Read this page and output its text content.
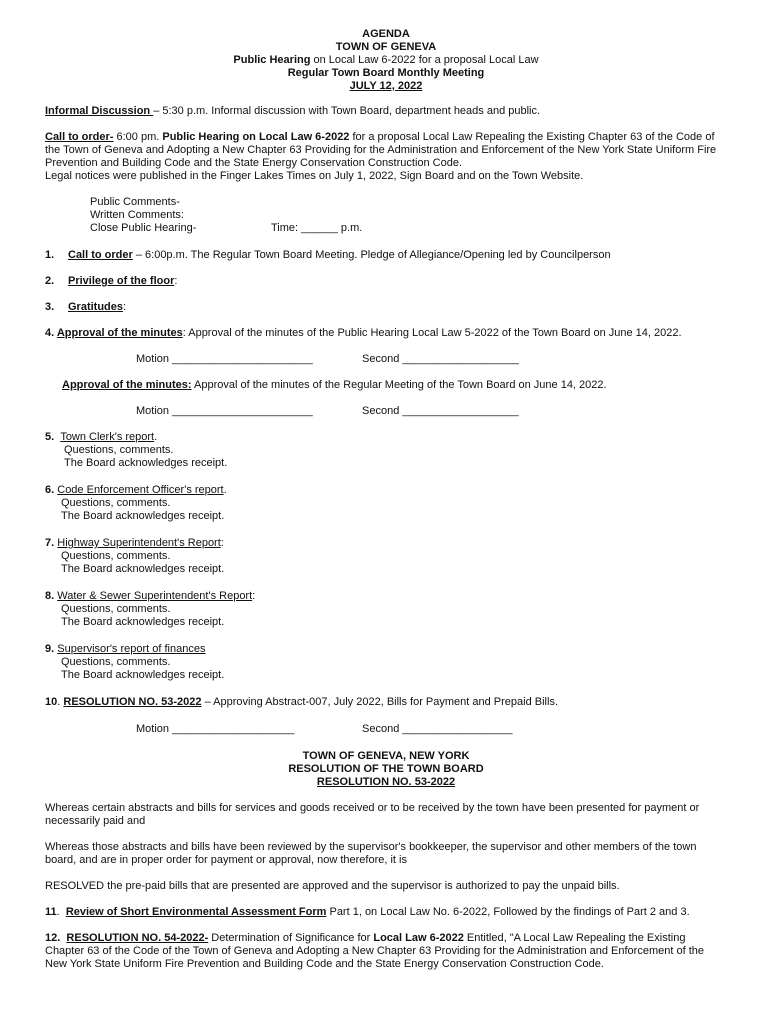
AGENDA

TOWN OF GENEVA

Public Hearing on Local Law 6-2022 for a proposal Local Law

Regular Town Board Monthly Meeting

JULY 12, 2022

Informal Discussion – 5:30 p.m. Informal discussion with Town Board, department heads and public.

Call to order- 6:00 pm. Public Hearing on Local Law 6-2022 for a proposal Local Law Repealing the Existing Chapter 63 of the Code of the Town of Geneva and Adopting a New Chapter 63 Providing for the Administration and Enforcement of the New York State Uniform Fire Prevention and Building Code and the State Energy Conservation Construction Code.

Legal notices were published in the Finger Lakes Times on July 1, 2022, Sign Board and on the Town Website.

Public Comments-

Written Comments:

Close Public Hearing-	Time: ______ p.m.

1. Call to order – 6:00p.m. The Regular Town Board Meeting. Pledge of Allegiance/Opening led by Councilperson

2. Privilege of the floor:

3. Gratitudes:

4. Approval of the minutes: Approval of the minutes of the Public Hearing Local Law 5-2022 of the Town Board on June 14, 2022.

Motion _______________________	Second ___________________

Approval of the minutes: Approval of the minutes of the Regular Meeting of the Town Board on June 14, 2022.

Motion _______________________	Second ___________________

5. Town Clerk's report.

Questions, comments.

The Board acknowledges receipt.

6. Code Enforcement Officer's report.

Questions, comments.

The Board acknowledges receipt.

7. Highway Superintendent's Report:

Questions, comments.

The Board acknowledges receipt.

8. Water & Sewer Superintendent's Report:

Questions, comments.

The Board acknowledges receipt.

9. Supervisor's report of finances

Questions, comments.

The Board acknowledges receipt.

10. RESOLUTION NO. 53-2022 – Approving Abstract-007, July 2022, Bills for Payment and Prepaid Bills.

Motion ____________________	Second __________________

TOWN OF GENEVA, NEW YORK

RESOLUTION OF THE TOWN BOARD

RESOLUTION NO. 53-2022

Whereas certain abstracts and bills for services and goods received or to be received by the town have been presented for payment or necessarily paid and

Whereas those abstracts and bills have been reviewed by the supervisor's bookkeeper, the supervisor and other members of the town board, and are in proper order for payment or approval, now therefore, it is

RESOLVED the pre-paid bills that are presented are approved and the supervisor is authorized to pay the unpaid bills.

11.  Review of Short Environmental Assessment Form Part 1, on Local Law No. 6-2022, Followed by the findings of Part 2 and 3.

12. RESOLUTION NO. 54-2022- Determination of Significance for Local Law 6-2022 Entitled, "A Local Law Repealing the Existing Chapter 63 of the Code of the Town of Geneva and Adopting a New Chapter 63 Providing for the Administration and Enforcement of the New York State Uniform Fire Prevention and Building Code and the State Energy Conservation Construction Code.
